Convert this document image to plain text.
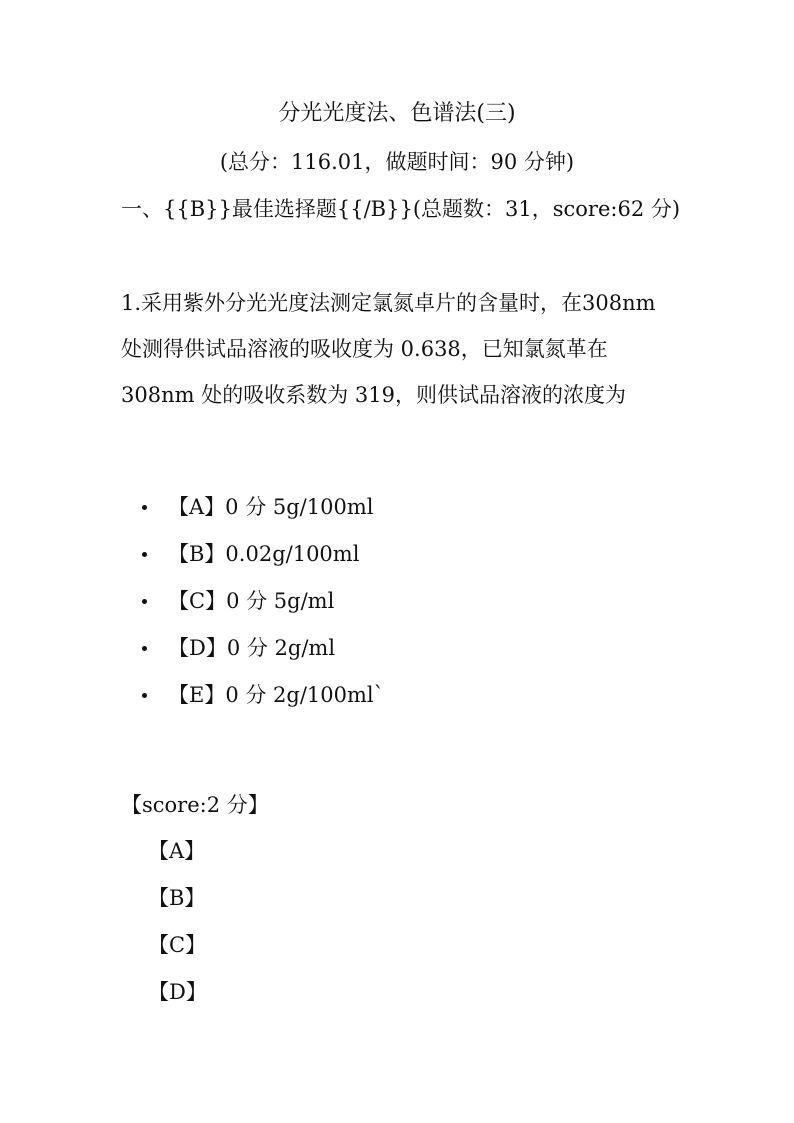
分光光度法、色谱法(三)
(总分：116.01，做题时间：90 分钟)
一、{{B}}最佳选择题{{/B}}(总题数：31，score:62 分)
1.采用紫外分光光度法测定氯氮卓片的含量时，在308nm 处测得供试品溶液的吸收度为 0.638，已知氯氮革在 308nm 处的吸收系数为 319，则供试品溶液的浓度为
【A】0 分 5g/100ml
【B】0.02g/100ml
【C】0 分 5g/ml
【D】0 分 2g/ml
【E】0 分 2g/100ml`
【score:2 分】
【A】
【B】
【C】
【D】
